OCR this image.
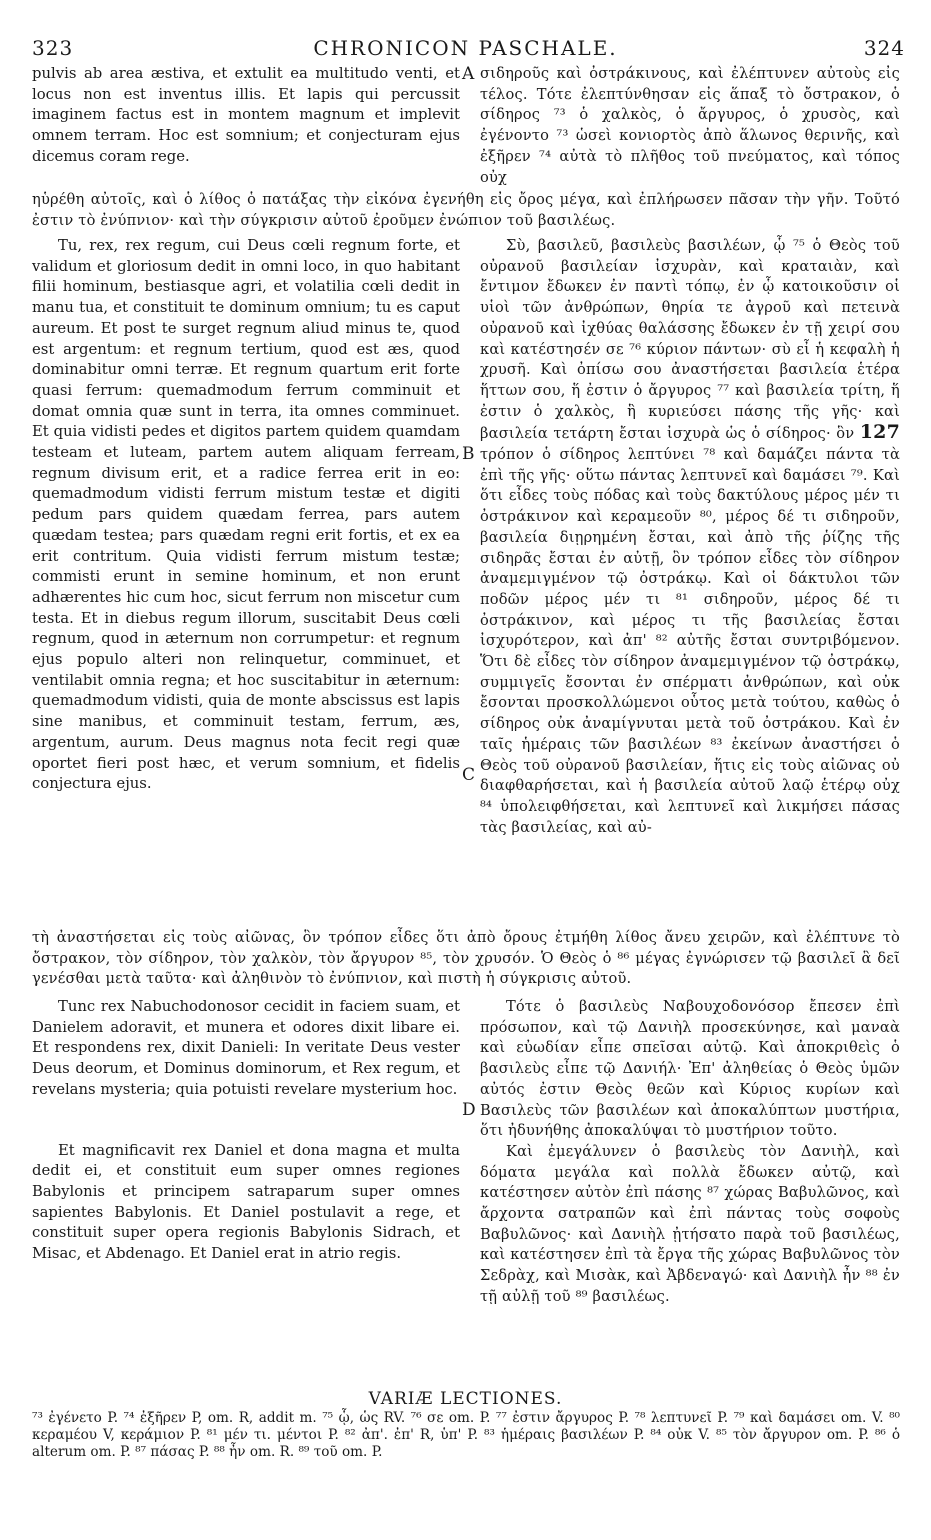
323	CHRONICON PASCHALE.	324

pulvis ab area æstiva, et extulit ea multitudo venti, et locus non est inventus illis. Et lapis qui percussit imaginem factus est in montem magnum et implevit omnem terram. Hoc est somnium; et conjecturam ejus dicemus coram rege.

σιδηροῦς καὶ ὀστράκινους, καὶ ἐλέπτυνεν αὐτοὺς εἰς τέλος. Τότε ἐλεπτύνθησαν εἰς ἅπαξ τὸ ὄστρακον, ὁ σίδηρος ⁷³ ὁ χαλκὸς, ὁ ἄργυρος, ὁ χρυσὸς, καὶ ἐγένοντο ⁷³ ὡσεὶ κονιορτὸς ἀπὸ ἅλωνος θερινῆς, καὶ ἐξῆρεν ⁷⁴ αὐτὰ τὸ πλῆθος τοῦ πνεύματος, καὶ τόπος οὐχ

ηὑρέθη αὐτοῖς, καὶ ὁ λίθος ὁ πατάξας τὴν εἰκόνα ἐγενήθη εἰς ὄρος μέγα, καὶ ἐπλήρωσεν πᾶσαν τὴν γῆν. Τοῦτό ἐστιν τὸ ἐνύπνιον· καὶ τὴν σύγκρισιν αὐτοῦ ἐροῦμεν ἐνώπιον τοῦ βασιλέως.

Tu, rex, rex regum, cui Deus cœli regnum forte, et validum et gloriosum dedit in omni loco, in quo habitant filii hominum, bestiasque agri, et volatilia cœli dedit in manu tua, et constituit te dominum omnium; tu es caput aureum. Et post te surget regnum aliud minus te, quod est argentum: et regnum tertium, quod est æs, quod dominabitur omni terræ. Et regnum quartum erit forte quasi ferrum: quemadmodum ferrum comminuit et domat omnia quæ sunt in terra, ita omnes comminuet. Et quia vidisti pedes et digitos partem quidem quamdam testeam et luteam, partem autem aliquam ferream, regnum divisum erit, et a radice ferrea erit in eo: quemadmodum vidisti ferrum mistum testæ et digiti pedum pars quidem quædam ferrea, pars autem quædam testea; pars quædam regni erit fortis, et ex ea erit contritum. Quia vidisti ferrum mistum testæ; commisti erunt in semine hominum, et non erunt adhærentes hic cum hoc, sicut ferrum non miscetur cum testa. Et in diebus regum illorum, suscitabit Deus cœli regnum, quod in æternum non corrumpetur: et regnum ejus populo alteri non relinquetur, comminuet, et ventilabit omnia regna; et hoc suscitabitur in æternum: quemadmodum vidisti, quia de monte abscissus est lapis sine manibus, et comminuit testam, ferrum, æs, argentum, aurum. Deus magnus nota fecit regi quæ oportet fieri post hæc, et verum somnium, et fidelis conjectura ejus.

Σὺ, βασιλεῦ, βασιλεὺς βασιλέων, ᾧ ⁷⁵ ὁ Θεὸς τοῦ οὐρανοῦ βασιλείαν ἰσχυρὰν, καὶ κραταιὰν, καὶ ἔντιμον ἔδωκεν ἐν παντὶ τόπῳ, ἐν ᾧ κατοικοῦσιν οἱ υἱοὶ τῶν ἀνθρώπων, θηρία τε ἀγροῦ καὶ πετεινὰ οὐρανοῦ καὶ ἰχθύας θαλάσσης ἔδωκεν ἐν τῇ χειρί σου καὶ κατέστησέν σε ⁷⁶ κύριον πάντων· σὺ εἶ ἡ κεφαλὴ ἡ χρυσῆ. Καὶ ὀπίσω σου ἀναστήσεται βασιλεία ἑτέρα ἥττων σου, ἥ ἐστιν ὁ ἄργυρος ⁷⁷ καὶ βασιλεία τρίτη, ἥ ἐστιν ὁ χαλκὸς, ἣ κυριεύσει πάσης τῆς γῆς· καὶ βασιλεία τετάρτη ἔσται ἰσχυρὰ ὡς ὁ σίδηρος· ὃν 127 τρόπον ὁ σίδηρος λεπτύνει ⁷⁸ καὶ δαμάζει πάντα τὰ ἐπὶ τῆς γῆς· οὕτω πάντας λεπτυνεῖ καὶ δαμάσει ⁷⁹. Καὶ ὅτι εἶδες τοὺς πόδας καὶ τοὺς δακτύλους μέρος μέν τι ὀστράκινον καὶ κεραμεοῦν ⁸⁰, μέρος δέ τι σιδηροῦν, βασιλεία διῃρημένη ἔσται, καὶ ἀπὸ τῆς ῥίζης τῆς σιδηρᾶς ἔσται ἐν αὐτῇ, ὃν τρόπον εἶδες τὸν σίδηρον ἀναμεμιγμένον τῷ ὀστράκῳ. Καὶ οἱ δάκτυλοι τῶν ποδῶν μέρος μέν τι ⁸¹ σιδηροῦν, μέρος δέ τι ὀστράκινον, καὶ μέρος τι τῆς βασιλείας ἔσται ἰσχυρότερον, καὶ ἀπ' ⁸² αὐτῆς ἔσται συντριβόμενον. Ὅτι δὲ εἶδες τὸν σίδηρον ἀναμεμιγμένον τῷ ὀστράκῳ, συμμιγεῖς ἔσονται ἐν σπέρματι ἀνθρώπων, καὶ οὐκ ἔσονται προσκολλώμενοι οὗτος μετὰ τούτου, καθὼς ὁ σίδηρος οὐκ ἀναμίγνυται μετὰ τοῦ ὀστράκου. Καὶ ἐν ταῖς ἡμέραις τῶν βασιλέων ⁸³ ἐκείνων ἀναστήσει ὁ Θεὸς τοῦ οὐρανοῦ βασιλείαν, ἥτις εἰς τοὺς αἰῶνας οὐ διαφθαρήσεται, καὶ ἡ βασιλεία αὐτοῦ λαῷ ἑτέρῳ οὐχ ⁸⁴ ὑπολειφθήσεται, καὶ λεπτυνεῖ καὶ λικμήσει πάσας τὰς βασιλείας, καὶ αὐ-

τὴ ἀναστήσεται εἰς τοὺς αἰῶνας, ὃν τρόπον εἶδες ὅτι ἀπὸ ὄρους ἐτμήθη λίθος ἄνευ χειρῶν, καὶ ἐλέπτυνε τὸ ὄστρακον, τὸν σίδηρον, τὸν χαλκὸν, τὸν ἄργυρον ⁸⁵, τὸν χρυσόν. Ὁ Θεὸς ὁ ⁸⁶ μέγας ἐγνώρισεν τῷ βασιλεῖ ἃ δεῖ γενέσθαι μετὰ ταῦτα· καὶ ἀληθινὸν τὸ ἐνύπνιον, καὶ πιστὴ ἡ σύγκρισις αὐτοῦ.

Tunc rex Nabuchodonosor cecidit in faciem suam, et Danielem adoravit, et munera et odores dixit libare ei. Et respondens rex, dixit Danieli: In veritate Deus vester Deus deorum, et Dominus dominorum, et Rex regum, et revelans mysteria; quia potuisti revelare mysterium hoc.

Et magnificavit rex Daniel et dona magna et multa dedit ei, et constituit eum super omnes regiones Babylonis et principem satraparum super omnes sapientes Babylonis. Et Daniel postulavit a rege, et constituit super opera regionis Babylonis Sidrach, et Misac, et Abdenago. Et Daniel erat in atrio regis.

Τότε ὁ βασιλεὺς Ναβουχοδονόσορ ἔπεσεν ἐπὶ πρόσωπον, καὶ τῷ Δανιὴλ προσεκύνησε, καὶ μαναὰ καὶ εὐωδίαν εἶπε σπεῖσαι αὐτῷ. Καὶ ἀποκριθεὶς ὁ βασιλεὺς εἶπε τῷ Δανιήλ· Ἐπ' ἀληθείας ὁ Θεὸς ὑμῶν αὐτός ἐστιν Θεὸς θεῶν καὶ Κύριος κυρίων καὶ Βασιλεὺς τῶν βασιλέων καὶ ἀποκαλύπτων μυστήρια, ὅτι ἠδυνήθης ἀποκαλύψαι τὸ μυστήριον τοῦτο.

Καὶ ἐμεγάλυνεν ὁ βασιλεὺς τὸν Δανιὴλ, καὶ δόματα μεγάλα καὶ πολλὰ ἔδωκεν αὐτῷ, καὶ κατέστησεν αὐτὸν ἐπὶ πάσης ⁸⁷ χώρας Βαβυλῶνος, καὶ ἄρχοντα σατραπῶν καὶ ἐπὶ πάντας τοὺς σοφοὺς Βαβυλῶνος· καὶ Δανιὴλ ᾐτήσατο παρὰ τοῦ βασιλέως, καὶ κατέστησεν ἐπὶ τὰ ἔργα τῆς χώρας Βαβυλῶνος τὸν Σεδρὰχ, καὶ Μισὰκ, καὶ Ἀβδεναγώ· καὶ Δανιὴλ ἦν ⁸⁸ ἐν τῇ αὐλῇ τοῦ ⁸⁹ βασιλέως.

A
B
C
D
VARIÆ LECTIONES.

⁷³ ἐγένετο P. ⁷⁴ ἐξῆρεν P, om. R, addit m. ⁷⁵ ᾧ, ὡς RV. ⁷⁶ σε om. P. ⁷⁷ ἐστιν ἄργυρος P. ⁷⁸ λεπτυνεῖ P. ⁷⁹ καὶ δαμάσει om. V. ⁸⁰ κεραμέου V, κεράμιον P. ⁸¹ μέν τι. μέντοι P. ⁸² ἀπ'. ἐπ' R, ὑπ' P. ⁸³ ἡμέραις βασιλέων P. ⁸⁴ οὐκ V. ⁸⁵ τὸν ἄργυρον om. P. ⁸⁶ ὁ alterum om. P. ⁸⁷ πάσας P. ⁸⁸ ἦν om. R. ⁸⁹ τοῦ om. P.
